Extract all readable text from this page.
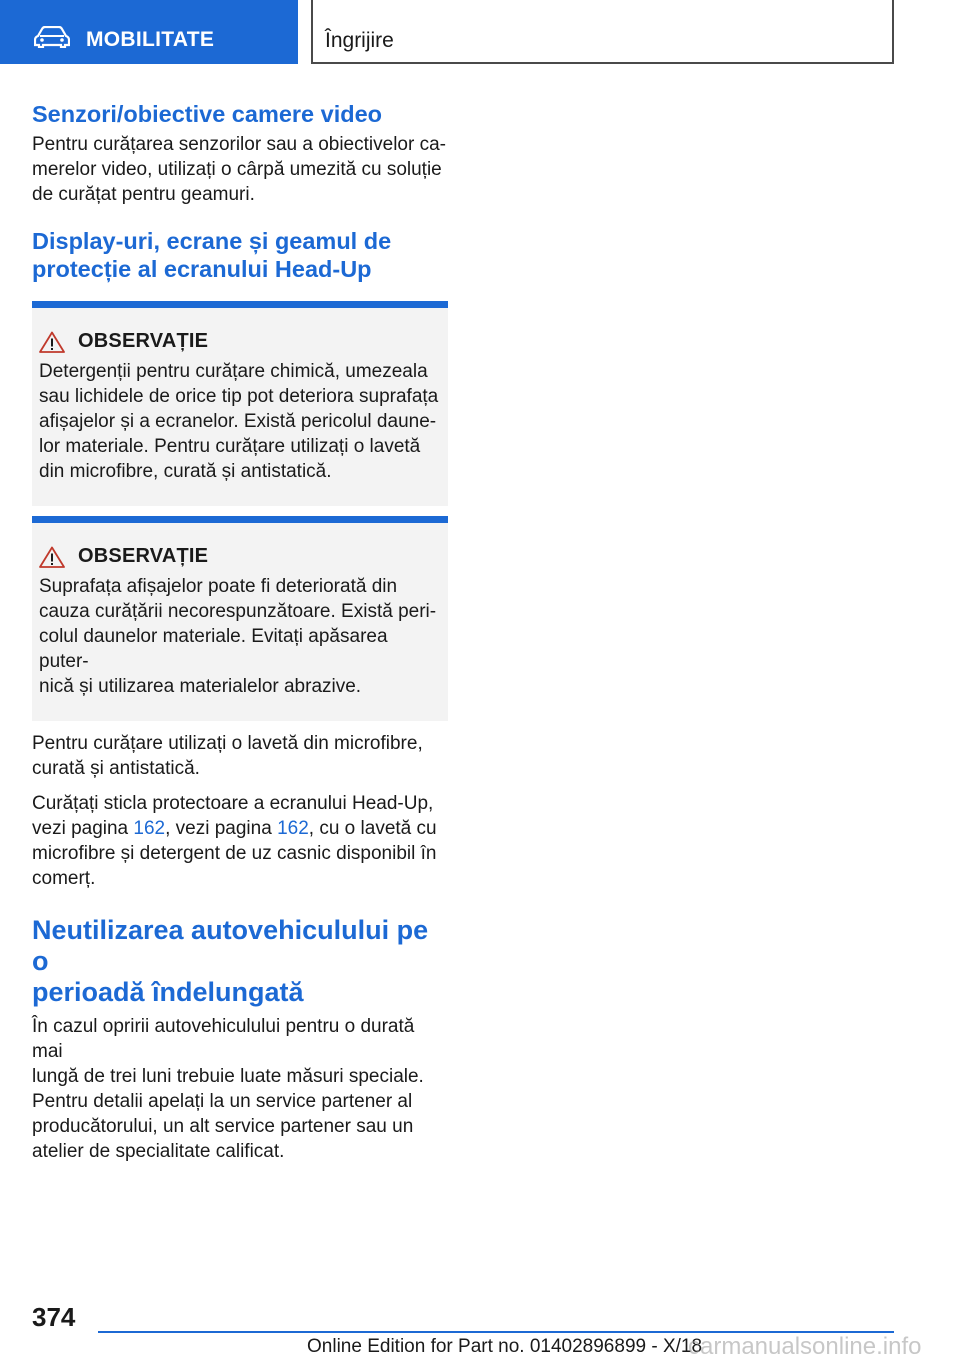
MOBILITATE	Îngrijire
Senzori/obiective camere video

Pentru curățarea senzorilor sau a obiectivelor ca-
merelor video, utilizați o cârpă umezită cu soluție
de curățat pentru geamuri.

Display-uri, ecrane și geamul de
protecție al ecranului Head-Up
OBSERVAȚIE
Detergenții pentru curățare chimică, umezeala
sau lichidele de orice tip pot deteriora suprafața
afișajelor și a ecranelor. Există pericolul daune-
lor materiale. Pentru curățare utilizați o lavetă
din microfibre, curată și antistatică.
OBSERVAȚIE
Suprafața afișajelor poate fi deteriorată din
cauza curățării necorespunzătoare. Există peri-
colul daunelor materiale. Evitați apăsarea puter-
nică și utilizarea materialelor abrazive.

Pentru curățare utilizați o lavetă din microfibre,
curată și antistatică.

Curățați sticla protectoare a ecranului Head-Up,
vezi pagina 162, vezi pagina 162, cu o lavetă cu
microfibre și detergent de uz casnic disponibil în
comerț.

Neutilizarea autovehiculului pe o
perioadă îndelungată

În cazul opririi autovehiculului pentru o durată mai
lungă de trei luni trebuie luate măsuri speciale.
Pentru detalii apelați la un service partener al
producătorului, un alt service partener sau un
atelier de specialitate calificat.

374
Online Edition for Part no. 01402896899 - X/18
carmanualsonline.info
